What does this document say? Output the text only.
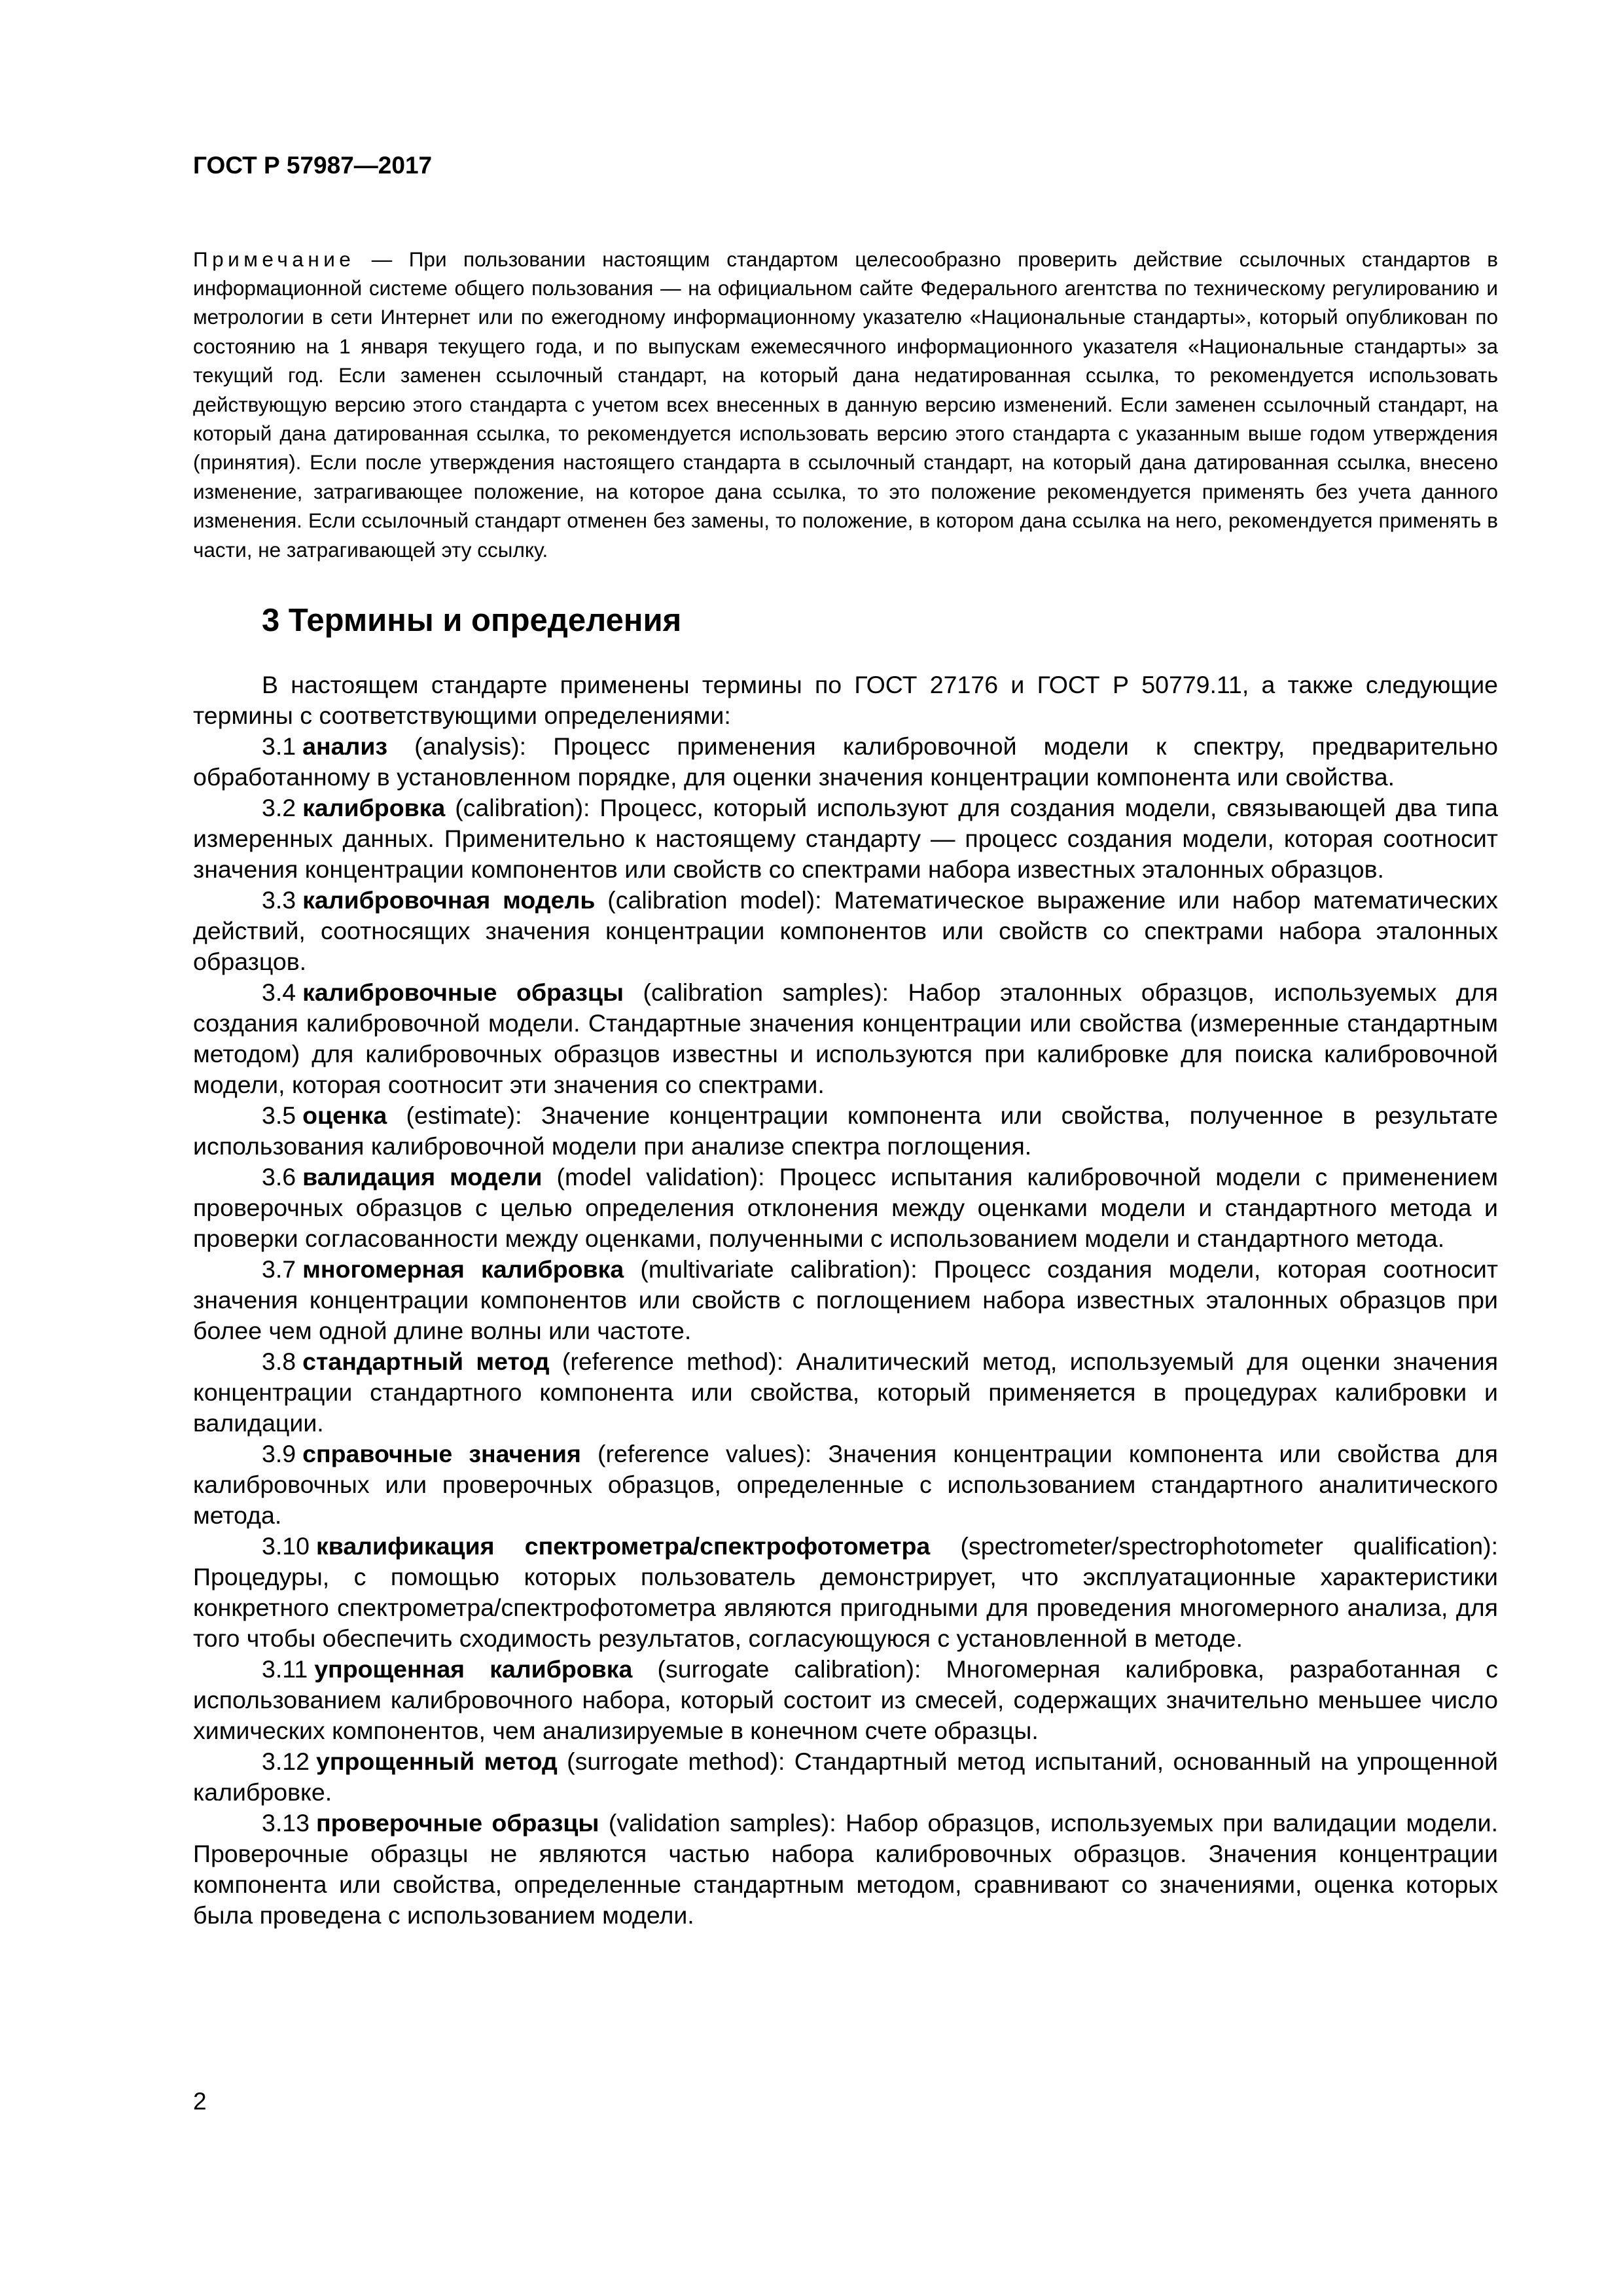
ГОСТ Р 57987—2017

Примечание — При пользовании настоящим стандартом целесообразно проверить действие ссылочных стандартов в информационной системе общего пользования — на официальном сайте Федерального агентства по техническому регулированию и метрологии в сети Интернет или по ежегодному информационному указателю «Национальные стандарты», который опубликован по состоянию на 1 января текущего года, и по выпускам ежемесячного информационного указателя «Национальные стандарты» за текущий год. Если заменен ссылочный стандарт, на который дана недатированная ссылка, то рекомендуется использовать действующую версию этого стандарта с учетом всех внесенных в данную версию изменений. Если заменен ссылочный стандарт, на который дана датированная ссылка, то рекомендуется использовать версию этого стандарта с указанным выше годом утверждения (принятия). Если после утверждения настоящего стандарта в ссылочный стандарт, на который дана датированная ссылка, внесено изменение, затрагивающее положение, на которое дана ссылка, то это положение рекомендуется применять без учета данного изменения. Если ссылочный стандарт отменен без замены, то положение, в котором дана ссылка на него, рекомендуется применять в части, не затрагивающей эту ссылку.

3 Термины и определения

В настоящем стандарте применены термины по ГОСТ 27176 и ГОСТ Р 50779.11, а также следующие термины с соответствующими определениями:

3.1 анализ (analysis): Процесс применения калибровочной модели к спектру, предварительно обработанному в установленном порядке, для оценки значения концентрации компонента или свойства.

3.2 калибровка (calibration): Процесс, который используют для создания модели, связывающей два типа измеренных данных. Применительно к настоящему стандарту — процесс создания модели, которая соотносит значения концентрации компонентов или свойств со спектрами набора известных эталонных образцов.

3.3 калибровочная модель (calibration model): Математическое выражение или набор математических действий, соотносящих значения концентрации компонентов или свойств со спектрами набора эталонных образцов.

3.4 калибровочные образцы (calibration samples): Набор эталонных образцов, используемых для создания калибровочной модели. Стандартные значения концентрации или свойства (измеренные стандартным методом) для калибровочных образцов известны и используются при калибровке для поиска калибровочной модели, которая соотносит эти значения со спектрами.

3.5 оценка (estimate): Значение концентрации компонента или свойства, полученное в результате использования калибровочной модели при анализе спектра поглощения.

3.6 валидация модели (model validation): Процесс испытания калибровочной модели с применением проверочных образцов с целью определения отклонения между оценками модели и стандартного метода и проверки согласованности между оценками, полученными с использованием модели и стандартного метода.

3.7 многомерная калибровка (multivariate calibration): Процесс создания модели, которая соотносит значения концентрации компонентов или свойств с поглощением набора известных эталонных образцов при более чем одной длине волны или частоте.

3.8 стандартный метод (reference method): Аналитический метод, используемый для оценки значения концентрации стандартного компонента или свойства, который применяется в процедурах калибровки и валидации.

3.9 справочные значения (reference values): Значения концентрации компонента или свойства для калибровочных или проверочных образцов, определенные с использованием стандартного аналитического метода.

3.10 квалификация спектрометра/спектрофотометра (spectrometer/spectrophotometer qualification): Процедуры, с помощью которых пользователь демонстрирует, что эксплуатационные характеристики конкретного спектрометра/спектрофотометра являются пригодными для проведения многомерного анализа, для того чтобы обеспечить сходимость результатов, согласующуюся с установленной в методе.

3.11 упрощенная калибровка (surrogate calibration): Многомерная калибровка, разработанная с использованием калибровочного набора, который состоит из смесей, содержащих значительно меньшее число химических компонентов, чем анализируемые в конечном счете образцы.

3.12 упрощенный метод (surrogate method): Стандартный метод испытаний, основанный на упрощенной калибровке.

3.13 проверочные образцы (validation samples): Набор образцов, используемых при валидации модели. Проверочные образцы не являются частью набора калибровочных образцов. Значения концентрации компонента или свойства, определенные стандартным методом, сравнивают со значениями, оценка которых была проведена с использованием модели.

2
